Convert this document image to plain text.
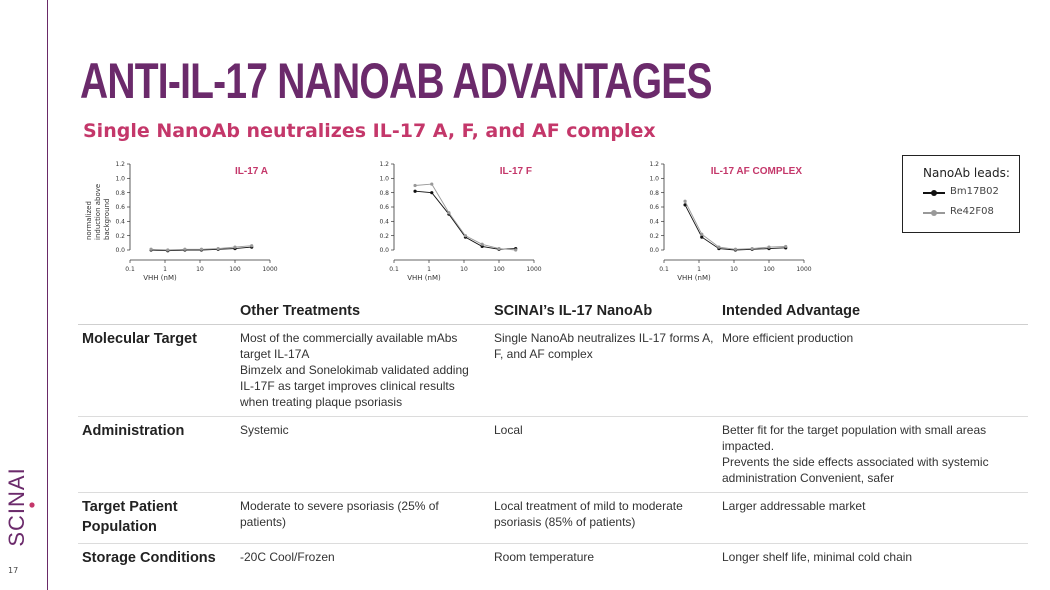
SCINAI
17
ANTI-IL-17 NANOAB ADVANTAGES
Single NanoAb neutralizes IL-17 A, F, and AF complex
0.0
0.2
0.4
0.6
0.8
1.0
1.2
0.1	1	10	100	1000
VHH (nM)
IL-17 A
normalized induction above background
0.0
0.2
0.4
0.6
0.8
1.0
1.2
0.1	1	10	100	1000
VHH (nM)
IL-17 F
0.0
0.2
0.4
0.6
0.8
1.0
1.2
0.1	1	10	100	1000
VHH (nM)
IL-17 AF COMPLEX	NanoAb leads:
Bm17B02
Re42F08
	Other Treatments	SCINAI’s IL-17 NanoAb	Intended Advantage
Molecular Target	Most of the commercially available mAbs target IL-17A
Bimzelx and Sonelokimab validated adding IL-17F as target improves clinical results when treating plaque psoriasis	Single NanoAb neutralizes IL-17 forms A, F, and AF complex	More efficient production

Administration	Systemic	Local	Better fit for the target population with small areas impacted.
Prevents the side effects associated with systemic administration Convenient, safer

Target Patient Population	Moderate to severe psoriasis (25% of patients)	Local treatment of mild to moderate psoriasis (85% of patients)	Larger addressable market

Storage Conditions	-20C Cool/Frozen	Room temperature	Longer shelf life, minimal cold chain
